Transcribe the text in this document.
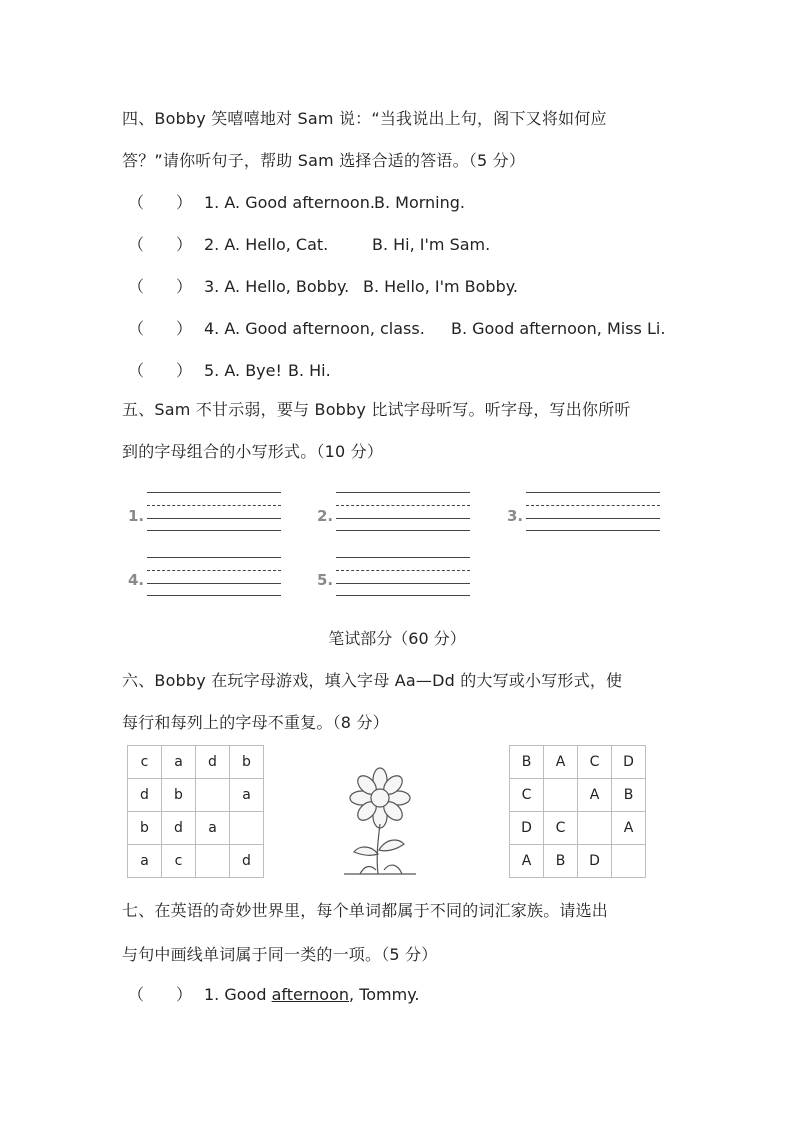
四、Bobby 笑嘻嘻地对 Sam 说：“当我说出上句，阁下又将如何应
答？”请你听句子，帮助 Sam 选择合适的答语。（5 分）
（　　） 1. A. Good afternoon.B. Morning.
（　　） 2. A. Hello, Cat.	B. Hi, I'm Sam.
（　　） 3. A. Hello, Bobby. B. Hello, I'm Bobby.
（　　） 4. A. Good afternoon, class. B. Good afternoon, Miss Li.
（　　） 5. A. Bye! B. Hi.
五、Sam 不甘示弱，要与 Bobby 比试字母听写。听字母，写出你所听
到的字母组合的小写形式。（10 分）
1.	2.	3.
4.	5.
笔试部分（60 分）
六、Bobby 在玩字母游戏，填入字母 Aa—Dd 的大写或小写形式，使
每行和每列上的字母不重复。（8 分）
c	a	d	b
d	b		a
b	d	a	
a	c		d
B	A	C	D
C		A	B
D	C		A
A	B	D	
七、在英语的奇妙世界里，每个单词都属于不同的词汇家族。请选出
与句中画线单词属于同一类的一项。（5 分）
（　　） 1. Good afternoon, Tommy.
